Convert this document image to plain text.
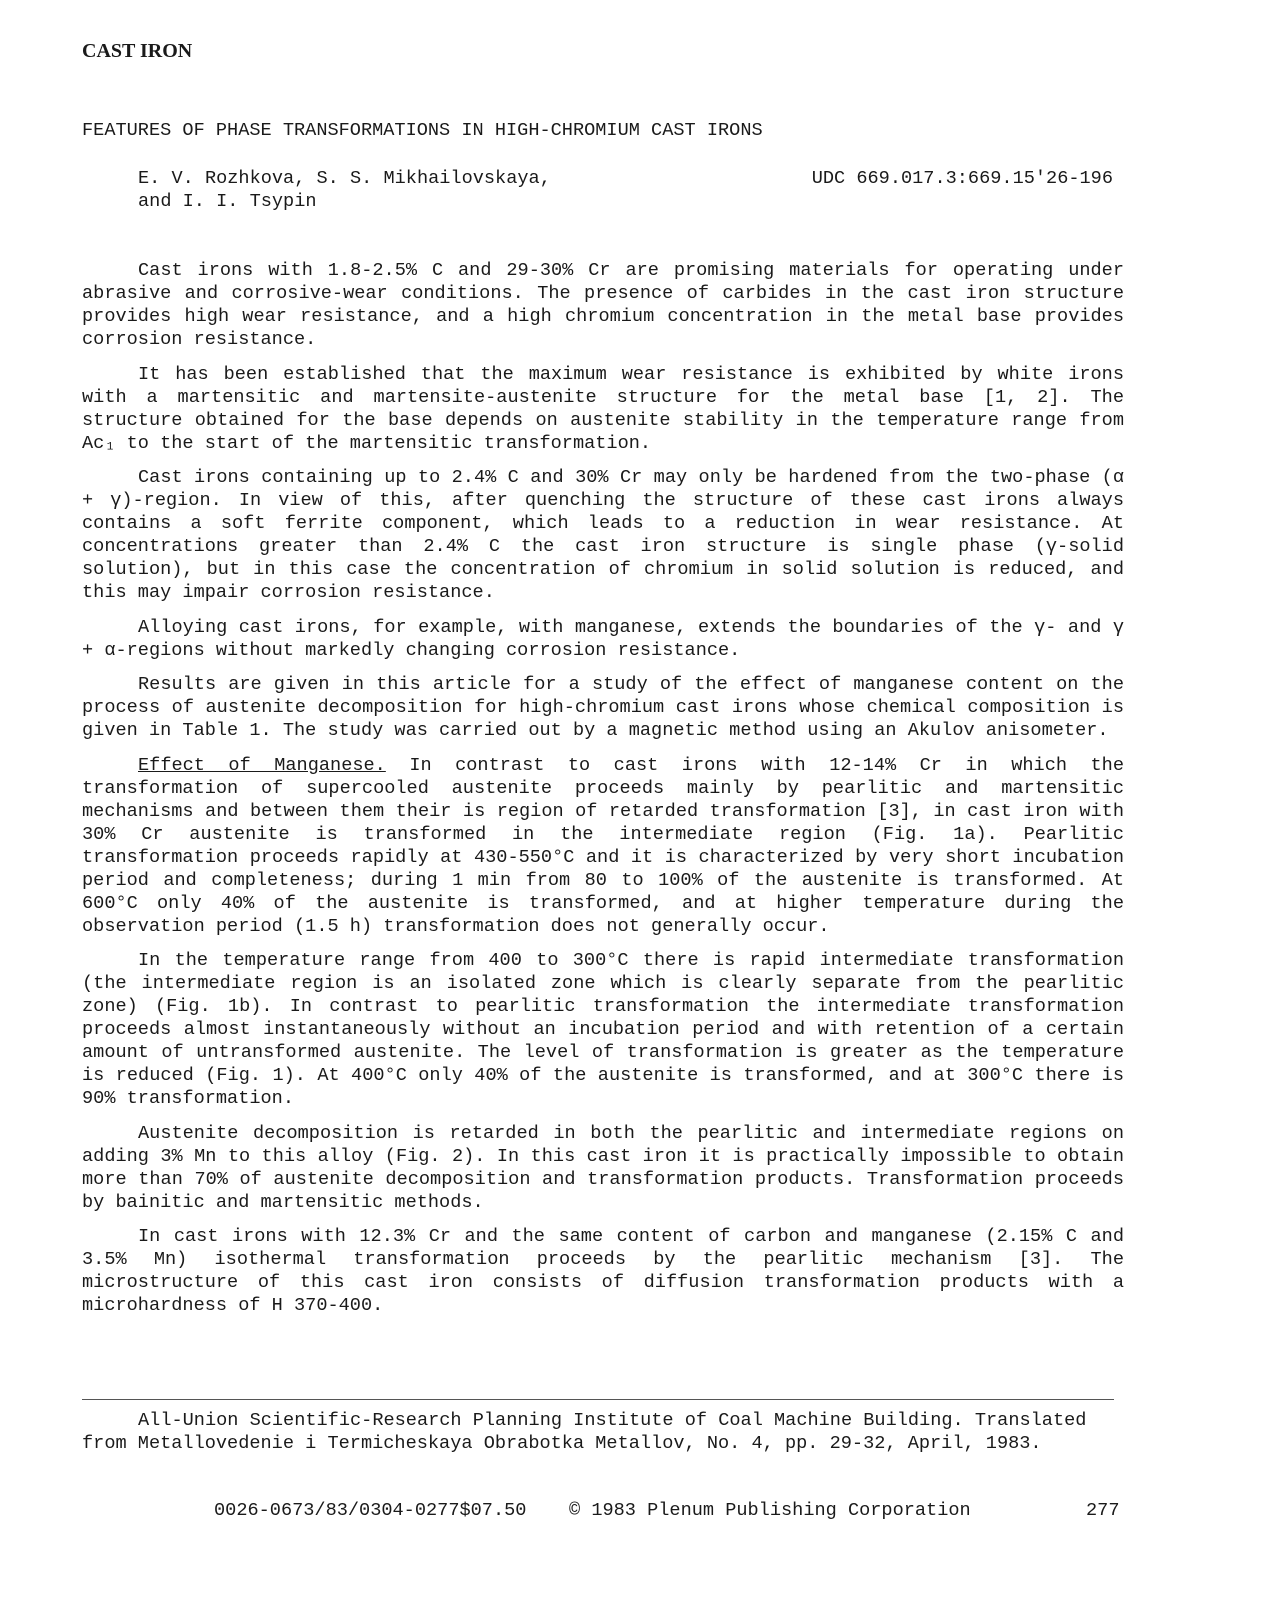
CAST IRON
FEATURES OF PHASE TRANSFORMATIONS IN HIGH-CHROMIUM CAST IRONS
E. V. Rozhkova, S. S. Mikhailovskaya,
and I. I. Tsypin
UDC 669.017.3:669.15'26-196

Cast irons with 1.8-2.5% C and 29-30% Cr are promising materials for operating under abrasive and corrosive-wear conditions. The presence of carbides in the cast iron structure provides high wear resistance, and a high chromium concentration in the metal base provides corrosion resistance.

It has been established that the maximum wear resistance is exhibited by white irons with a martensitic and martensite-austenite structure for the metal base [1, 2]. The structure obtained for the base depends on austenite stability in the temperature range from Ac₁ to the start of the martensitic transformation.

Cast irons containing up to 2.4% C and 30% Cr may only be hardened from the two-phase (α + γ)-region. In view of this, after quenching the structure of these cast irons always contains a soft ferrite component, which leads to a reduction in wear resistance. At concentrations greater than 2.4% C the cast iron structure is single phase (γ-solid solution), but in this case the concentration of chromium in solid solution is reduced, and this may impair corrosion resistance.

Alloying cast irons, for example, with manganese, extends the boundaries of the γ- and γ + α-regions without markedly changing corrosion resistance.

Results are given in this article for a study of the effect of manganese content on the process of austenite decomposition for high-chromium cast irons whose chemical composition is given in Table 1. The study was carried out by a magnetic method using an Akulov anisometer.

Effect of Manganese. In contrast to cast irons with 12-14% Cr in which the transformation of supercooled austenite proceeds mainly by pearlitic and martensitic mechanisms and between them their is region of retarded transformation [3], in cast iron with 30% Cr austenite is transformed in the intermediate region (Fig. 1a). Pearlitic transformation proceeds rapidly at 430-550°C and it is characterized by very short incubation period and completeness; during 1 min from 80 to 100% of the austenite is transformed. At 600°C only 40% of the austenite is transformed, and at higher temperature during the observation period (1.5 h) transformation does not generally occur.

In the temperature range from 400 to 300°C there is rapid intermediate transformation (the intermediate region is an isolated zone which is clearly separate from the pearlitic zone) (Fig. 1b). In contrast to pearlitic transformation the intermediate transformation proceeds almost instantaneously without an incubation period and with retention of a certain amount of untransformed austenite. The level of transformation is greater as the temperature is reduced (Fig. 1). At 400°C only 40% of the austenite is transformed, and at 300°C there is 90% transformation.

Austenite decomposition is retarded in both the pearlitic and intermediate regions on adding 3% Mn to this alloy (Fig. 2). In this cast iron it is practically impossible to obtain more than 70% of austenite decomposition and transformation products. Transformation proceeds by bainitic and martensitic methods.

In cast irons with 12.3% Cr and the same content of carbon and manganese (2.15% C and 3.5% Mn) isothermal transformation proceeds by the pearlitic mechanism [3]. The microstructure of this cast iron consists of diffusion transformation products with a microhardness of H 370-400.

All-Union Scientific-Research Planning Institute of Coal Machine Building. Translated from Metallovedenie i Termicheskaya Obrabotka Metallov, No. 4, pp. 29-32, April, 1983.
0026-0673/83/0304-0277$07.50 © 1983 Plenum Publishing Corporation	277
